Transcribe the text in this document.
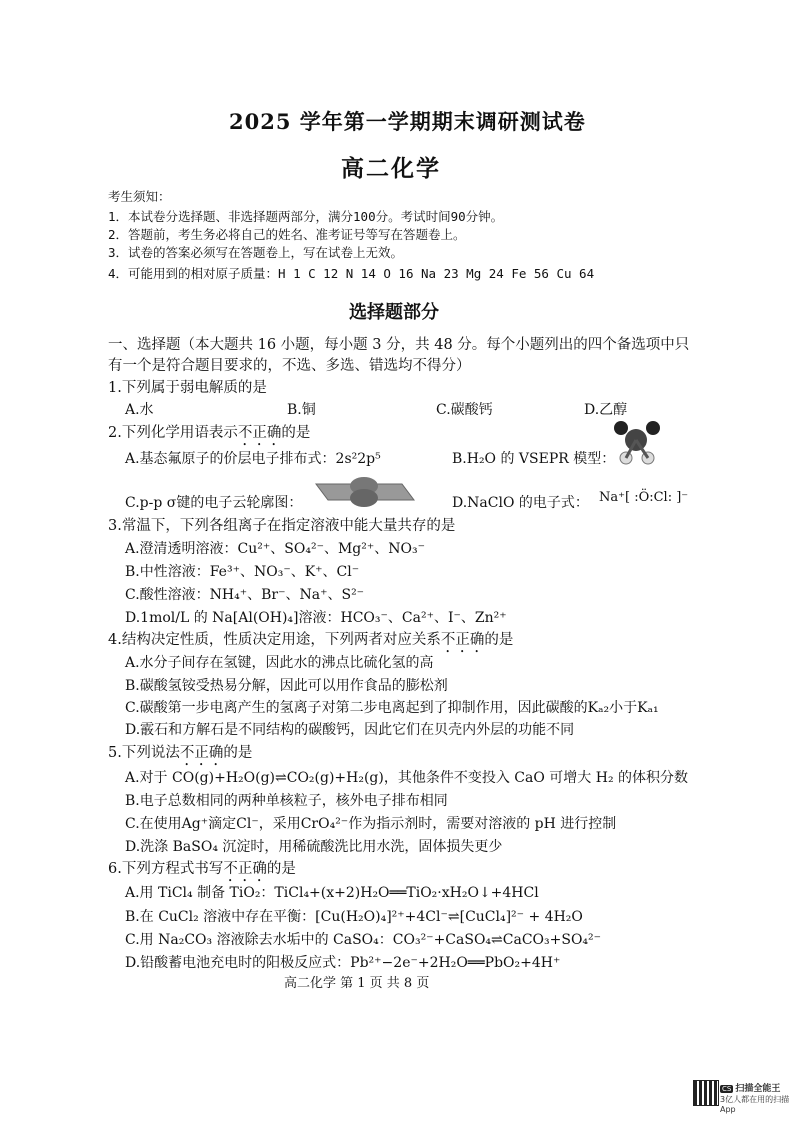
2025 学年第一学期期末调研测试卷
高二化学
考生须知：
1．本试卷分选择题、非选择题两部分，满分100分。考试时间90分钟。
2．答题前，考生务必将自己的姓名、准考证号等写在答题卷上。
3．试卷的答案必须写在答题卷上，写在试卷上无效。
4．可能用到的相对原子质量：H 1 C 12 N 14 O 16 Na 23 Mg 24 Fe 56 Cu 64
选择题部分
一、选择题（本大题共 16 小题，每小题 3 分，共 48 分。每个小题列出的四个备选项中只
有一个是符合题目要求的，不选、多选、错选均不得分）
1.下列属于弱电解质的是
A.水	B.铜	C.碳酸钙	D.乙醇
2.下列化学用语表示不正确的是
A.基态氟原子的价层电子排布式：2s²2p⁵	B.H₂O 的 VSEPR 模型：
C.p-p σ键的电子云轮廓图：	D.NaClO 的电子式： Na⁺[ :Ö:Cl: ]⁻
3.常温下，下列各组离子在指定溶液中能大量共存的是
A.澄清透明溶液：Cu²⁺、SO₄²⁻、Mg²⁺、NO₃⁻
B.中性溶液：Fe³⁺、NO₃⁻、K⁺、Cl⁻
C.酸性溶液：NH₄⁺、Br⁻、Na⁺、S²⁻
D.1mol/L 的 Na[Al(OH)₄]溶液：HCO₃⁻、Ca²⁺、I⁻、Zn²⁺
4.结构决定性质，性质决定用途，下列两者对应关系不正确的是
A.水分子间存在氢键，因此水的沸点比硫化氢的高
B.碳酸氢铵受热易分解，因此可以用作食品的膨松剂
C.碳酸第一步电离产生的氢离子对第二步电离起到了抑制作用，因此碳酸的Kₐ₂小于Kₐ₁
D.霰石和方解石是不同结构的碳酸钙，因此它们在贝壳内外层的功能不同
5.下列说法不正确的是
A.对于 CO(g)+H₂O(g)⇌CO₂(g)+H₂(g)，其他条件不变投入 CaO 可增大 H₂ 的体积分数
B.电子总数相同的两种单核粒子，核外电子排布相同
C.在使用Ag⁺滴定Cl⁻，采用CrO₄²⁻作为指示剂时，需要对溶液的 pH 进行控制
D.洗涤 BaSO₄ 沉淀时，用稀硫酸洗比用水洗，固体损失更少
6.下列方程式书写不正确的是
A.用 TiCl₄ 制备 TiO₂：TiCl₄+(x+2)H₂O══TiO₂·xH₂O↓+4HCl
B.在 CuCl₂ 溶液中存在平衡：[Cu(H₂O)₄]²⁺+4Cl⁻⇌[CuCl₄]²⁻ + 4H₂O
C.用 Na₂CO₃ 溶液除去水垢中的 CaSO₄：CO₃²⁻+CaSO₄⇌CaCO₃+SO₄²⁻
D.铅酸蓄电池充电时的阳极反应式：Pb²⁺−2e⁻+2H₂O══PbO₂+4H⁺
高二化学 第 1 页 共 8 页
CS 扫描全能王
3亿人都在用的扫描App
